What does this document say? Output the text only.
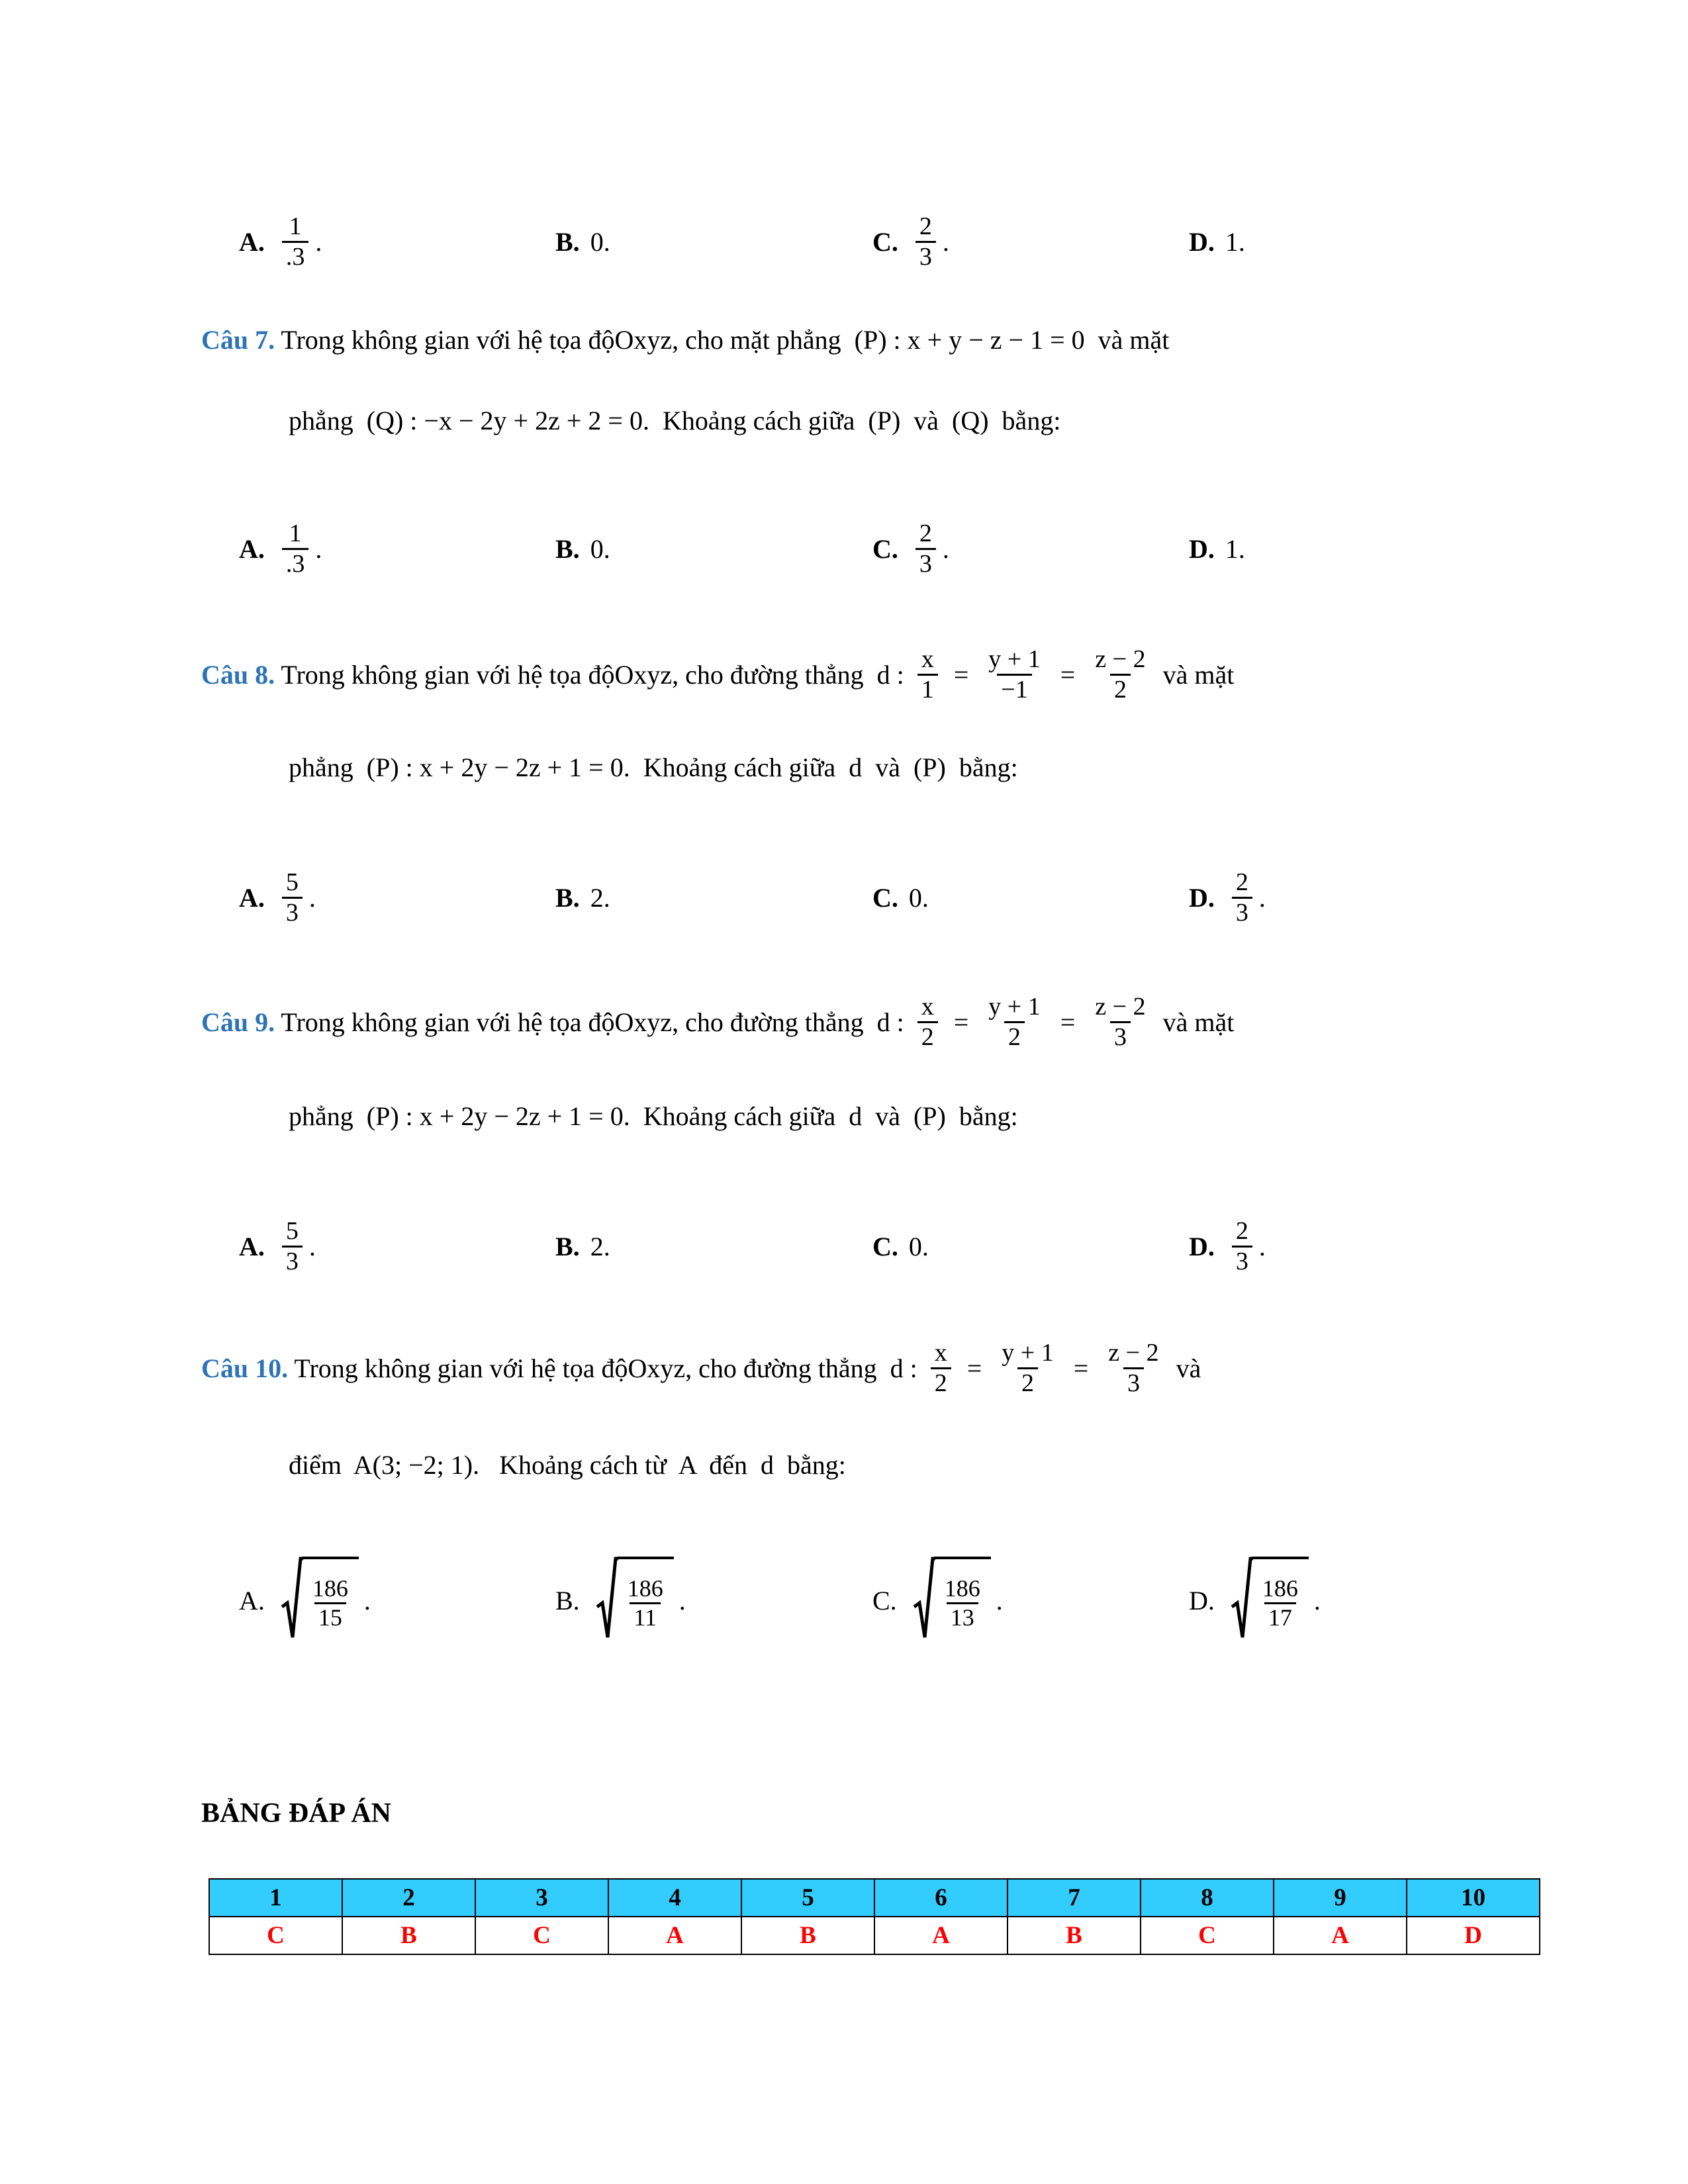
A. $\frac{1}{.3}$ .	B. 0.	C. $\frac{2}{3}$ .	D. 1.
Câu 7. Trong không gian với hệ tọa độOxyz, cho mặt phẳng  (P) : x + y − z − 1 = 0  và mặt
phẳng  (Q) : −x − 2y + 2z + 2 = 0.  Khoảng cách giữa  (P)  và  (Q)  bằng:
A. $\frac{1}{.3}$ .	B. 0.	C. $\frac{2}{3}$ .	D. 1.
Câu 8. Trong không gian với hệ tọa độOxyz, cho đường thẳng  d : $\frac{x}{1} = \frac{y + 1}{-1} = \frac{z - 2}{2}$ và mặt
phẳng  (P) : x + 2y − 2z + 1 = 0.  Khoảng cách giữa  d  và  (P)  bằng:
A. $\frac{5}{3}$ .	B. 2.	C. 0.	D. $\frac{2}{3}$ .
Câu 9. Trong không gian với hệ tọa độOxyz, cho đường thẳng  d : $\frac{x}{2} = \frac{y + 1}{2} = \frac{z - 2}{3}$ và mặt
phẳng  (P) : x + 2y − 2z + 1 = 0.  Khoảng cách giữa  d  và  (P)  bằng:
A. $\frac{5}{3}$ .	B. 2.	C. 0.	D. $\frac{2}{3}$ .
Câu 10. Trong không gian với hệ tọa độOxyz, cho đường thẳng  d : $\frac{x}{2} = \frac{y + 1}{2} = \frac{z - 2}{3}$ và
điểm  A(3; −2; 1).   Khoảng cách từ  A  đến  d  bằng:
A. $\frac{186}{15}$ .	B. $\frac{186}{11}$ .	C. $\frac{186}{13}$ .	D. $\frac{186}{17}$ .
BẢNG ĐÁP ÁN
1	2	3	4	5	6	7	8	9	10
C	B	C	A	B	A	B	C	A	D
